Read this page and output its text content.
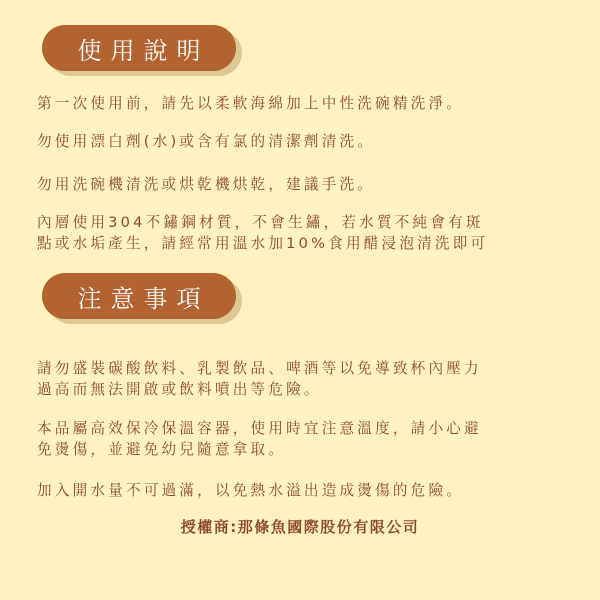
使用說明

第一次使用前，請先以柔軟海綿加上中性洗碗精洗淨。

勿使用漂白劑(水)或含有氯的清潔劑清洗。

勿用洗碗機清洗或烘乾機烘乾，建議手洗。

內層使用304不鏽鋼材質，不會生鏽，若水質不純會有斑
點或水垢產生，請經常用溫水加10%食用醋浸泡清洗即可
注意事項
請勿盛裝碳酸飲料、乳製飲品、啤酒等以免導致杯內壓力
過高而無法開啟或飲料噴出等危險。
本品屬高效保冷保溫容器，使用時宜注意溫度，請小心避
免燙傷，並避免幼兒隨意拿取。

加入開水量不可過滿，以免熱水溢出造成燙傷的危險。

授權商:那條魚國際股份有限公司
